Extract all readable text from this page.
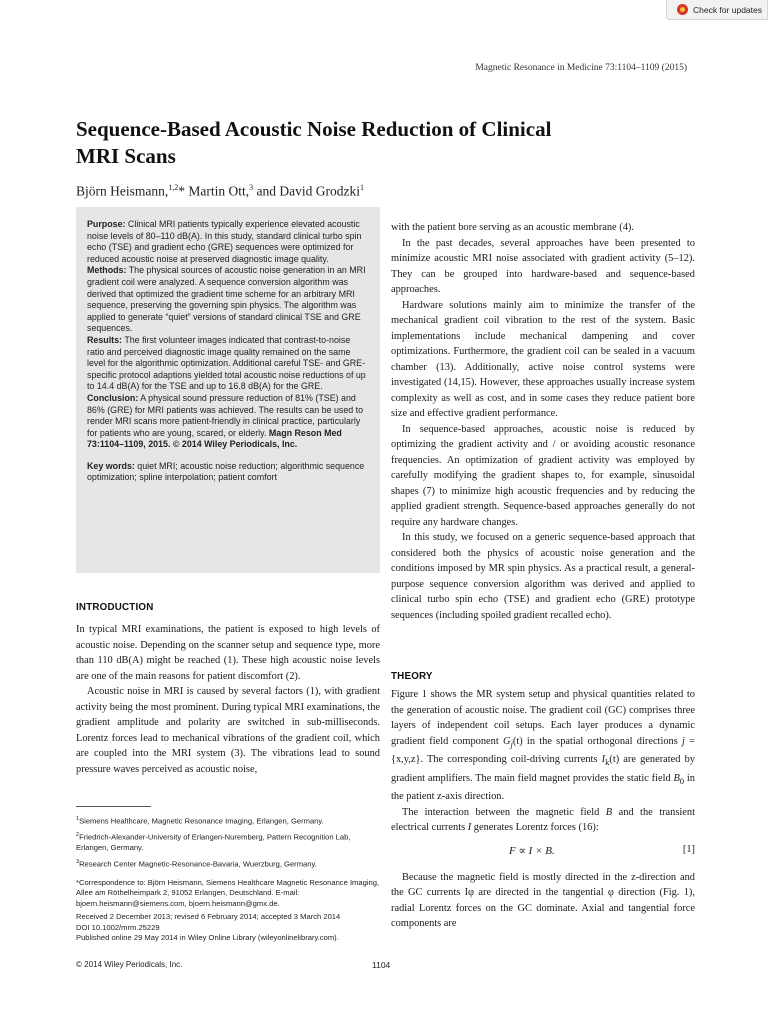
Check for updates
Magnetic Resonance in Medicine 73:1104–1109 (2015)
Sequence-Based Acoustic Noise Reduction of Clinical
MRI Scans
Björn Heismann,$^{1,2}$* Martin Ott,$^3$ and David Grodzki$^1$

Purpose: Clinical MRI patients typically experience elevated acoustic noise levels of 80–110 dB(A). In this study, standard clinical turbo spin echo (TSE) and gradient echo (GRE) sequences were optimized for reduced acoustic noise at preserved diagnostic image quality.

Methods: The physical sources of acoustic noise generation in an MRI gradient coil were analyzed. A sequence conversion algorithm was derived that optimized the gradient time scheme for an arbitrary MRI sequence, preserving the governing spin physics. The algorithm was applied to generate “quiet” versions of standard clinical TSE and GRE sequences.

Results: The first volunteer images indicated that contrast-to-noise ratio and perceived diagnostic image quality remained on the same level for the algorithmic optimization. Additional careful TSE- and GRE-specific protocol adaptions yielded total acoustic noise reductions of up to 14.4 dB(A) for the TSE and up to 16.8 dB(A) for the GRE.

Conclusion: A physical sound pressure reduction of 81% (TSE) and 86% (GRE) for MRI patients was achieved. The results can be used to render MRI scans more patient-friendly in clinical practice, particularly for patients who are young, scared, or elderly. Magn Reson Med 73:1104–1109, 2015. © 2014 Wiley Periodicals, Inc.

Key words: quiet MRI; acoustic noise reduction; algorithmic sequence optimization; spline interpolation; patient comfort

INTRODUCTION

In typical MRI examinations, the patient is exposed to high levels of acoustic noise. Depending on the scanner setup and sequence type, more than 110 dB(A) might be reached (1). These high acoustic noise levels are one of the main reasons for patient discomfort (2).

Acoustic noise in MRI is caused by several factors (1), with gradient activity being the most prominent. During typical MRI examinations, the gradient amplitude and polarity are switched in sub-milliseconds. Lorentz forces lead to mechanical vibrations of the gradient coil, which are coupled into the MRI system (3). The vibrations lead to sound pressure waves perceived as acoustic noise,

$^1$Siemens Healthcare, Magnetic Resonance Imaging, Erlangen, Germany.

$^2$Friedrich-Alexander-University of Erlangen-Nuremberg, Pattern Recognition Lab, Erlangen, Germany.

$^3$Research Center Magnetic-Resonance-Bavaria, Wuerzburg, Germany.

*Correspondence to: Björn Heismann, Siemens Healthcare Magnetic Resonance Imaging, Allee am Röthelheimpark 2, 91052 Erlangen, Deutschland. E-mail: bjoern.heismann@siemens.com, bjoern.heismann@gmx.de.

Received 2 December 2013; revised 6 February 2014; accepted 3 March 2014

DOI 10.1002/mrm.25229

Published online 29 May 2014 in Wiley Online Library (wileyonlinelibrary.com).

© 2014 Wiley Periodicals, Inc.	1104

with the patient bore serving as an acoustic membrane (4).

In the past decades, several approaches have been presented to minimize acoustic MRI noise associated with gradient activity (5–12). They can be grouped into hardware-based and sequence-based approaches.

Hardware solutions mainly aim to minimize the transfer of the mechanical gradient coil vibration to the rest of the system. Basic implementations include mechanical dampening and cover optimizations. Furthermore, the gradient coil can be sealed in a vacuum chamber (13). Additionally, active noise control systems were investigated (14,15). However, these approaches usually increase system complexity as well as cost, and in some cases they reduce patient bore size and effective gradient performance.

In sequence-based approaches, acoustic noise is reduced by optimizing the gradient activity and / or avoiding acoustic resonance frequencies. An optimization of gradient activity was employed by carefully modifying the gradient shapes to, for example, sinusoidal shapes (7) to minimize high acoustic frequencies and by reducing the applied gradient strength. Sequence-based approaches generally do not require any hardware changes.

In this study, we focused on a generic sequence-based approach that considered both the physics of acoustic noise generation and the conditions imposed by MR spin physics. As a practical result, a general-purpose sequence conversion algorithm was derived and applied to clinical turbo spin echo (TSE) and gradient echo (GRE) prototype sequences (including spoiled gradient recalled echo).

THEORY

Figure 1 shows the MR system setup and physical quantities related to the generation of acoustic noise. The gradient coil (GC) comprises three layers of independent coil setups. Each layer produces a dynamic gradient field component $G_j(t)$ in the spatial orthogonal directions j = {x,y,z}. The corresponding coil-driving currents $I_k(t)$ are generated by gradient amplifiers. The main field magnet provides the static field $B_0$ in the patient z-axis direction.

The interaction between the magnetic field B and the transient electrical currents I generates Lorentz forces (16):

F ∝ I × B.	[1]

Because the magnetic field is mostly directed in the z-direction and the GC currents Iφ are directed in the tangential φ direction (Fig. 1), radial Lorentz forces on the GC dominate. Axial and tangential force components are
